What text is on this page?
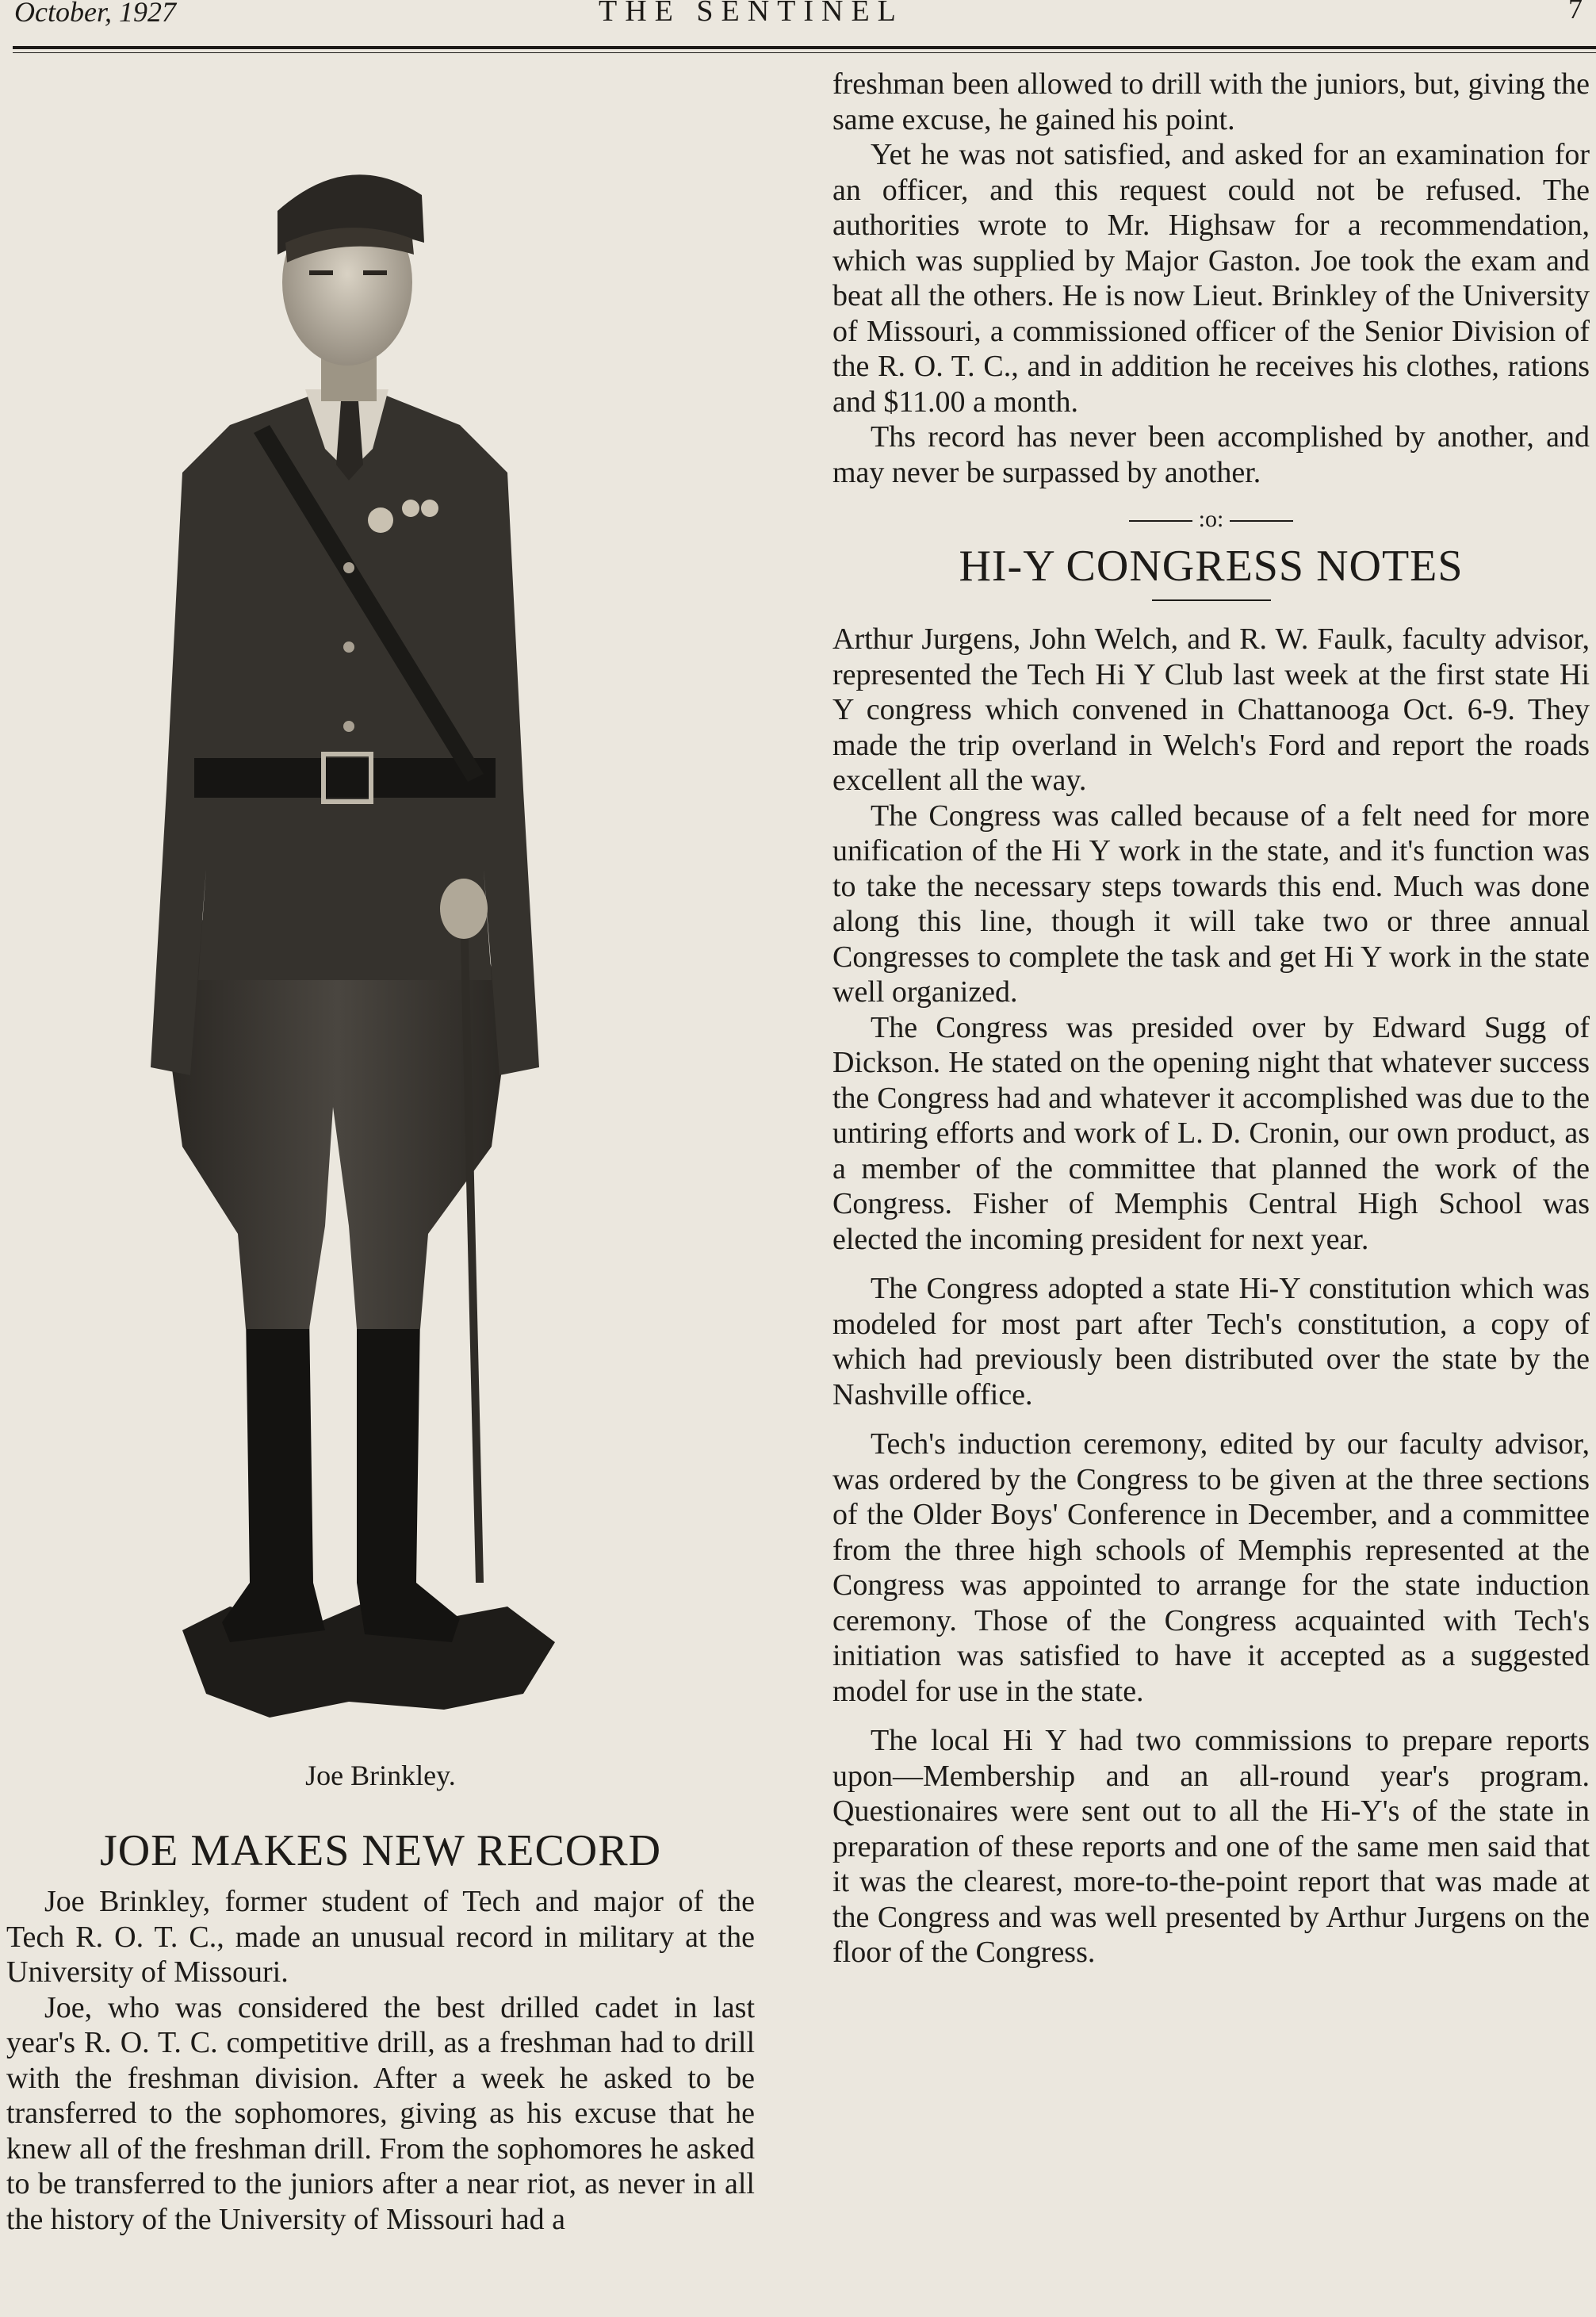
October, 1927	THE SENTINEL	7
Joe Brinkley.
JOE MAKES NEW RECORD

Joe Brinkley, former student of Tech and major of the Tech R. O. T. C., made an unusual record in military at the University of Missouri.

Joe, who was considered the best drilled cadet in last year's R. O. T. C. competitive drill, as a freshman had to drill with the freshman division. After a week he asked to be transferred to the sophomores, giving as his excuse that he knew all of the freshman drill. From the sophomores he asked to be transferred to the juniors after a near riot, as never in all the history of the University of Missouri had a

freshman been allowed to drill with the juniors, but, giving the same excuse, he gained his point.

Yet he was not satisfied, and asked for an examination for an officer, and this request could not be refused. The authorities wrote to Mr. Highsaw for a recommendation, which was supplied by Major Gaston. Joe took the exam and beat all the others. He is now Lieut. Brinkley of the University of Missouri, a commissioned officer of the Senior Division of the R. O. T. C., and in addition he receives his clothes, rations and $11.00 a month.

Ths record has never been accomplished by another, and may never be surpassed by another.

:o:
HI-Y CONGRESS NOTES

Arthur Jurgens, John Welch, and R. W. Faulk, faculty advisor, represented the Tech Hi Y Club last week at the first state Hi Y congress which convened in Chattanooga Oct. 6-9. They made the trip overland in Welch's Ford and report the roads excellent all the way.

The Congress was called because of a felt need for more unification of the Hi Y work in the state, and it's function was to take the necessary steps towards this end. Much was done along this line, though it will take two or three annual Congresses to complete the task and get Hi Y work in the state well organized.

The Congress was presided over by Edward Sugg of Dickson. He stated on the opening night that whatever success the Congress had and whatever it accomplished was due to the untiring efforts and work of L. D. Cronin, our own product, as a member of the committee that planned the work of the Congress. Fisher of Memphis Central High School was elected the incoming president for next year.

The Congress adopted a state Hi-Y constitution which was modeled for most part after Tech's constitution, a copy of which had previously been distributed over the state by the Nashville office.

Tech's induction ceremony, edited by our faculty advisor, was ordered by the Congress to be given at the three sections of the Older Boys' Conference in December, and a committee from the three high schools of Memphis represented at the Congress was appointed to arrange for the state induction ceremony. Those of the Congress acquainted with Tech's initiation was satisfied to have it accepted as a suggested model for use in the state.

The local Hi Y had two commissions to prepare reports upon—Membership and an all-round year's program. Questionaires were sent out to all the Hi-Y's of the state in preparation of these reports and one of the same men said that it was the clearest, more-to-the-point report that was made at the Congress and was well presented by Arthur Jurgens on the floor of the Congress.
